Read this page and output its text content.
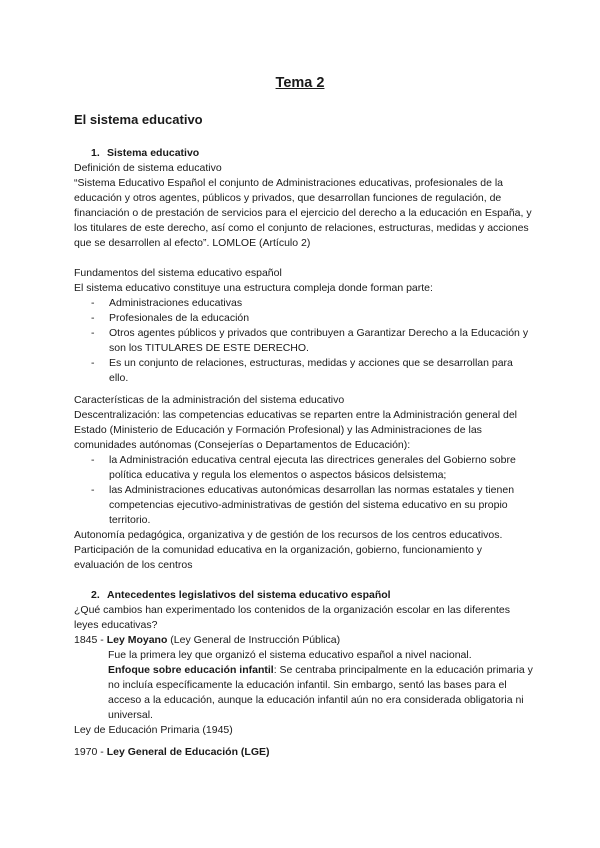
Tema 2
El sistema educativo

1. Sistema educativo

Definición de sistema educativo

“Sistema Educativo Español el conjunto de Administraciones educativas, profesionales de la educación y otros agentes, públicos y privados, que desarrollan funciones de regulación, de financiación o de prestación de servicios para el ejercicio del derecho a la educación en España, y los titulares de este derecho, así como el conjunto de relaciones, estructuras, medidas y acciones que se desarrollen al efecto”. LOMLOE (Artículo 2)

Fundamentos del sistema educativo español

El sistema educativo constituye una estructura compleja donde forman parte:

- Administraciones educativas
- Profesionales de la educación
- Otros agentes públicos y privados que contribuyen a Garantizar Derecho a la Educación y son los TITULARES DE ESTE DERECHO.
- Es un conjunto de relaciones, estructuras, medidas y acciones que se desarrollan para ello.

Características de la administración del sistema educativo

Descentralización: las competencias educativas se reparten entre la Administración general del Estado (Ministerio de Educación y Formación Profesional) y las Administraciones de las comunidades autónomas (Consejerías o Departamentos de Educación):

- la Administración educativa central ejecuta las directrices generales del Gobierno sobre política educativa y regula los elementos o aspectos básicos delsistema;
- las Administraciones educativas autonómicas desarrollan las normas estatales y tienen competencias ejecutivo-administrativas de gestión del sistema educativo en su propio territorio.

Autonomía pedagógica, organizativa y de gestión de los recursos de los centros educativos.

Participación de la comunidad educativa en la organización, gobierno, funcionamiento y evaluación de los centros

2. Antecedentes legislativos del sistema educativo español

¿Qué cambios han experimentado los contenidos de la organización escolar en las diferentes leyes educativas?

1845 - Ley Moyano (Ley General de Instrucción Pública)

Fue la primera ley que organizó el sistema educativo español a nivel nacional.

Enfoque sobre educación infantil: Se centraba principalmente en la educación primaria y no incluía específicamente la educación infantil. Sin embargo, sentó las bases para el acceso a la educación, aunque la educación infantil aún no era considerada obligatoria ni universal.

Ley de Educación Primaria (1945)

1970 - Ley General de Educación (LGE)
